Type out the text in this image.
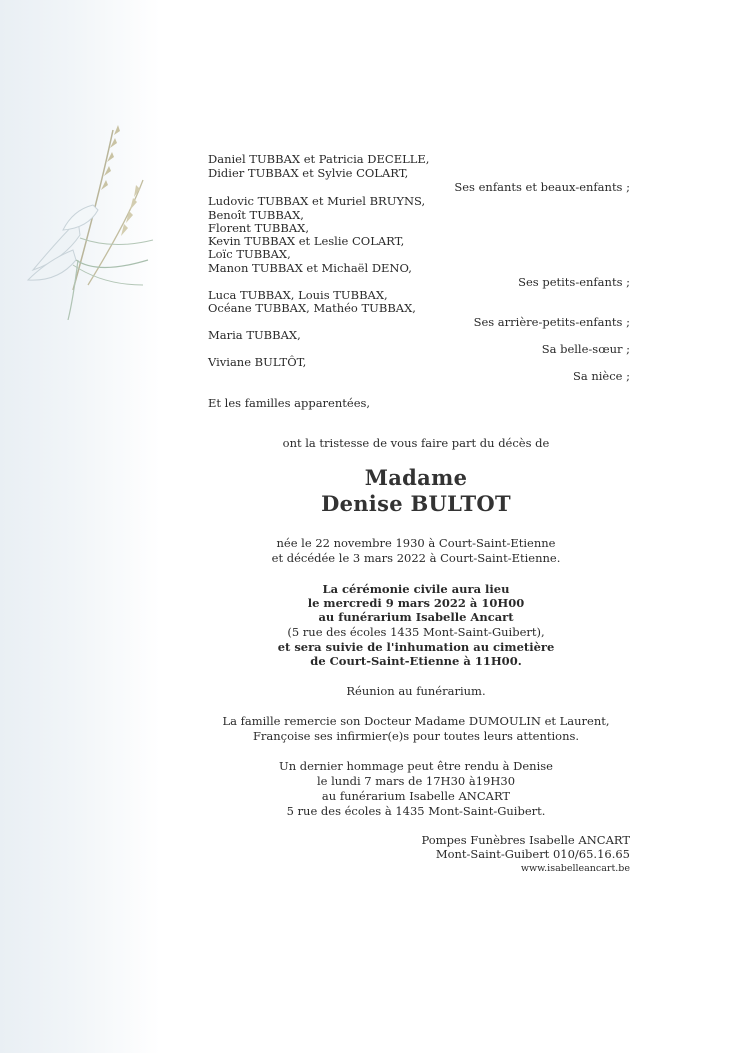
Daniel TUBBAX et Patricia DECELLE,
Didier TUBBAX et Sylvie COLART,
Ses enfants et beaux-enfants ;
Ludovic TUBBAX et Muriel BRUYNS,
Benoît TUBBAX,
Florent TUBBAX,
Kevin TUBBAX et Leslie COLART,
Loïc TUBBAX,
Manon TUBBAX et Michaël DENO,
Ses petits-enfants ;
Luca TUBBAX, Louis TUBBAX,
Océane TUBBAX, Mathéo TUBBAX,
Ses arrière-petits-enfants ;
Maria TUBBAX,
Sa belle-sœur ;
Viviane BULTÔT,
Sa nièce ;
Et les familles apparentées,
ont la tristesse de vous faire part du décès de
Madame
Denise BULTOT
née le 22 novembre 1930 à Court-Saint-Etienne
et décédée le 3 mars 2022 à Court-Saint-Etienne.
La cérémonie civile aura lieu
le mercredi 9 mars 2022 à 10H00
au funérarium Isabelle Ancart
(5 rue des écoles 1435 Mont-Saint-Guibert),
et sera suivie de l'inhumation au cimetière
de Court-Saint-Etienne à 11H00.
Réunion au funérarium.
La famille remercie son Docteur Madame DUMOULIN et Laurent,
Françoise ses infirmier(e)s pour toutes leurs attentions.
Un dernier hommage peut être rendu à Denise
le lundi 7 mars de 17H30 à19H30
au funérarium Isabelle ANCART
5 rue des écoles à 1435 Mont-Saint-Guibert.
Pompes Funèbres Isabelle ANCART
Mont-Saint-Guibert 010/65.16.65
www.isabelleancart.be
